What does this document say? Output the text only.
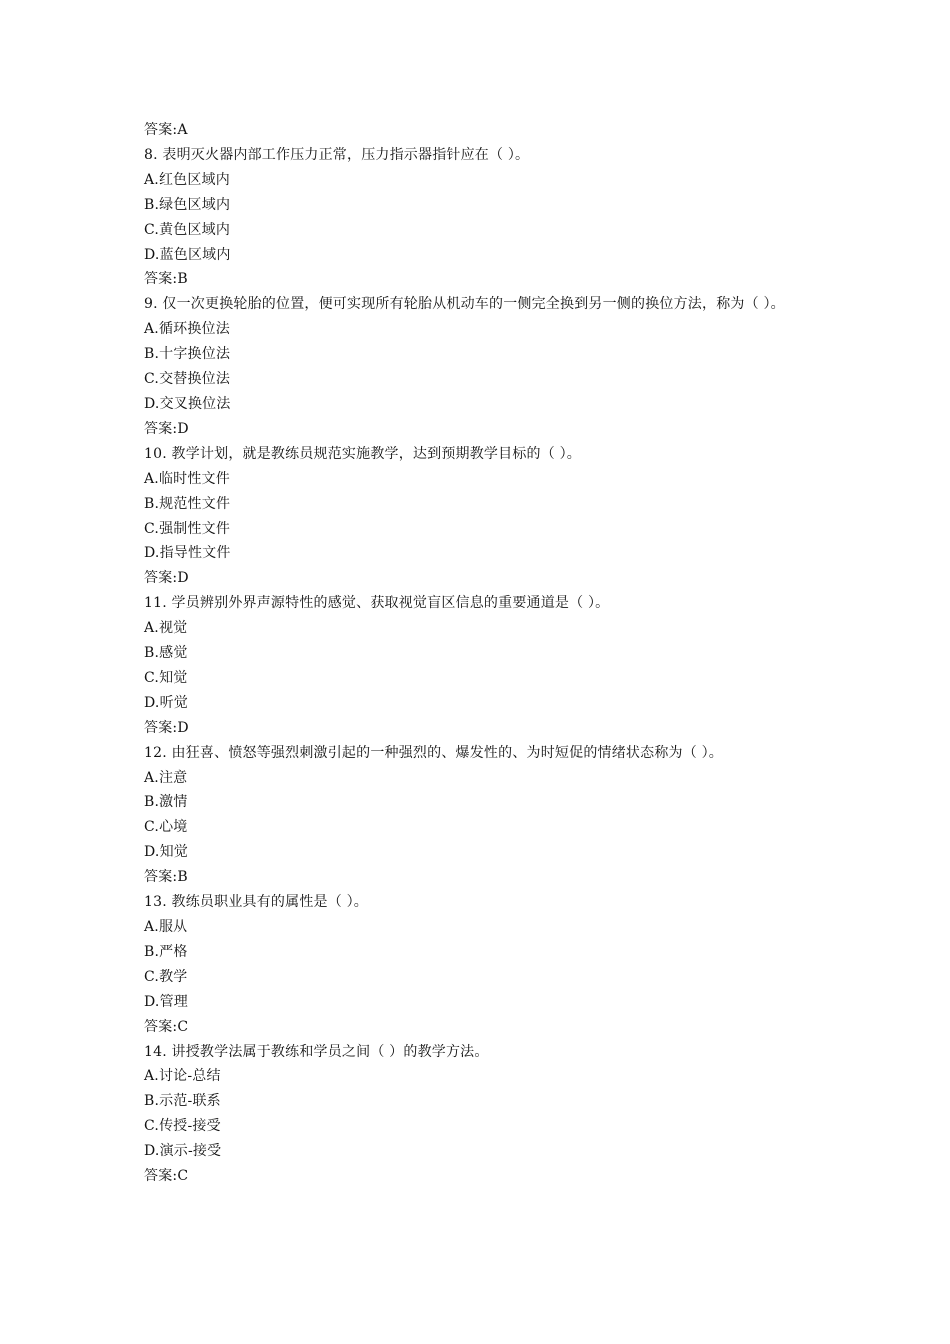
答案:A
8. 表明灭火器内部工作压力正常，压力指示器指针应在（ ）。
A.红色区域内
B.绿色区域内
C.黄色区域内
D.蓝色区域内
答案:B
9. 仅一次更换轮胎的位置，便可实现所有轮胎从机动车的一侧完全换到另一侧的换位方法，称为（ ）。
A.循环换位法
B.十字换位法
C.交替换位法
D.交叉换位法
答案:D
10. 教学计划，就是教练员规范实施教学，达到预期教学目标的（ ）。
A.临时性文件
B.规范性文件
C.强制性文件
D.指导性文件
答案:D
11. 学员辨别外界声源特性的感觉、获取视觉盲区信息的重要通道是（ ）。
A.视觉
B.感觉
C.知觉
D.听觉
答案:D
12. 由狂喜、愤怒等强烈刺激引起的一种强烈的、爆发性的、为时短促的情绪状态称为（ ）。
A.注意
B.激情
C.心境
D.知觉
答案:B
13. 教练员职业具有的属性是（ ）。
A.服从
B.严格
C.教学
D.管理
答案:C
14. 讲授教学法属于教练和学员之间（ ）的教学方法。
A.讨论-总结
B.示范-联系
C.传授-接受
D.演示-接受
答案:C
